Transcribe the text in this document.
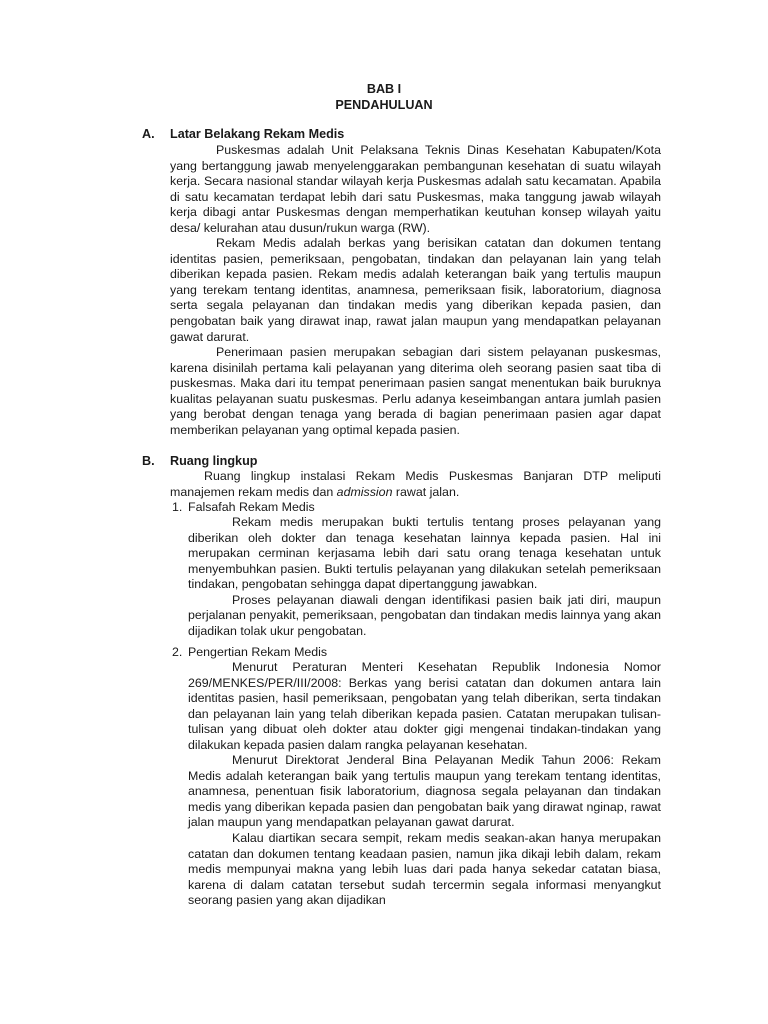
BAB I
PENDAHULUAN
A. Latar Belakang Rekam Medis

Puskesmas adalah Unit Pelaksana Teknis Dinas Kesehatan Kabupaten/Kota yang bertanggung jawab menyelenggarakan pembangunan kesehatan di suatu wilayah kerja. Secara nasional standar wilayah kerja Puskesmas adalah satu kecamatan. Apabila di satu kecamatan terdapat lebih dari satu Puskesmas, maka tanggung jawab wilayah kerja dibagi antar Puskesmas dengan memperhatikan keutuhan konsep wilayah yaitu desa/ kelurahan atau dusun/rukun warga (RW).

Rekam Medis adalah berkas yang berisikan catatan dan dokumen tentang identitas pasien, pemeriksaan, pengobatan, tindakan dan pelayanan lain yang telah diberikan kepada pasien. Rekam medis adalah keterangan baik yang tertulis maupun yang terekam tentang identitas, anamnesa, pemeriksaan fisik, laboratorium, diagnosa serta segala pelayanan dan tindakan medis yang diberikan kepada pasien, dan pengobatan baik yang dirawat inap, rawat jalan maupun yang mendapatkan pelayanan gawat darurat.

Penerimaan pasien merupakan sebagian dari sistem pelayanan puskesmas, karena disinilah pertama kali pelayanan yang diterima oleh seorang pasien saat tiba di puskesmas. Maka dari itu tempat penerimaan pasien sangat menentukan baik buruknya kualitas pelayanan suatu puskesmas. Perlu adanya keseimbangan antara jumlah pasien yang berobat dengan tenaga yang berada di bagian penerimaan pasien agar dapat memberikan pelayanan yang optimal kepada pasien.

B. Ruang lingkup

Ruang lingkup instalasi Rekam Medis Puskesmas Banjaran DTP meliputi manajemen rekam medis dan admission rawat jalan.

1. Falsafah Rekam Medis

Rekam medis merupakan bukti tertulis tentang proses pelayanan yang diberikan oleh dokter dan tenaga kesehatan lainnya kepada pasien. Hal ini merupakan cerminan kerjasama lebih dari satu orang tenaga kesehatan untuk menyembuhkan pasien. Bukti tertulis pelayanan yang dilakukan setelah pemeriksaan tindakan, pengobatan sehingga dapat dipertanggung jawabkan.

Proses pelayanan diawali dengan identifikasi pasien baik jati diri, maupun perjalanan penyakit, pemeriksaan, pengobatan dan tindakan medis lainnya yang akan dijadikan tolak ukur pengobatan.

2. Pengertian Rekam Medis

Menurut Peraturan Menteri Kesehatan Republik Indonesia Nomor 269/MENKES/PER/III/2008: Berkas yang berisi catatan dan dokumen antara lain identitas pasien, hasil pemeriksaan, pengobatan yang telah diberikan, serta tindakan dan pelayanan lain yang telah diberikan kepada pasien. Catatan merupakan tulisan-tulisan yang dibuat oleh dokter atau dokter gigi mengenai tindakan-tindakan yang dilakukan kepada pasien dalam rangka pelayanan kesehatan.

Menurut Direktorat Jenderal Bina Pelayanan Medik Tahun 2006: Rekam Medis adalah keterangan baik yang tertulis maupun yang terekam tentang identitas, anamnesa, penentuan fisik laboratorium, diagnosa segala pelayanan dan tindakan medis yang diberikan kepada pasien dan pengobatan baik yang dirawat nginap, rawat jalan maupun yang mendapatkan pelayanan gawat darurat.

Kalau diartikan secara sempit, rekam medis seakan-akan hanya merupakan catatan dan dokumen tentang keadaan pasien, namun jika dikaji lebih dalam, rekam medis mempunyai makna yang lebih luas dari pada hanya sekedar catatan biasa, karena di dalam catatan tersebut sudah tercermin segala informasi menyangkut seorang pasien yang akan dijadikan
